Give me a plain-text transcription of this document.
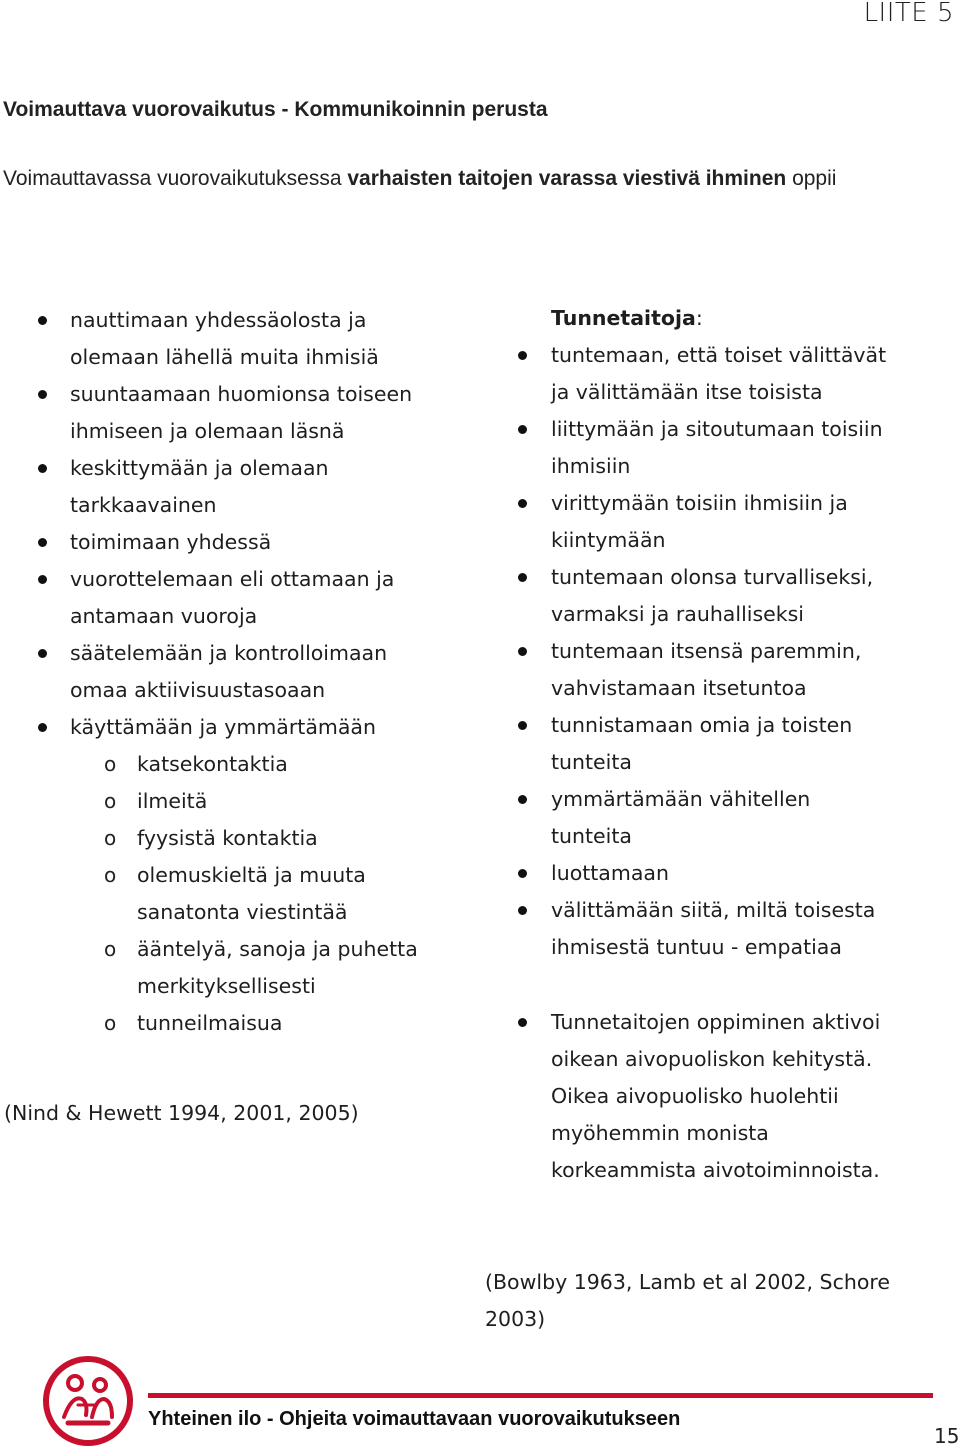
LIITE 5
Voimauttava vuorovaikutus - Kommunikoinnin perusta
Voimauttavassa vuorovaikutuksessa varhaisten taitojen varassa viestivä ihminen oppii
nauttimaan yhdessäolosta ja olemaan lähellä muita ihmisiä
suuntaamaan huomionsa toiseen ihmiseen ja olemaan läsnä
keskittymään ja olemaan tarkkaavainen
toimimaan yhdessä
vuorottelemaan eli ottamaan ja antamaan vuoroja
säätelemään ja kontrolloimaan omaa aktiivisuustasoaan
käyttämään ja ymmärtämään
o katsekontaktia
o ilmeitä
o fyysistä kontaktia
o olemuskieltä ja muuta sanatonta viestintää
o ääntelyä, sanoja ja puhetta merkityksellisesti
o tunneilmaisua
(Nind & Hewett 1994, 2001, 2005)
Tunnetaitoja:
tuntemaan, että toiset välittävät ja välittämään itse toisista
liittymään ja sitoutumaan toisiin ihmisiin
virittymään toisiin ihmisiin ja kiintymään
tuntemaan olonsa turvalliseksi, varmaksi ja rauhalliseksi
tuntemaan itsensä paremmin, vahvistamaan itsetuntoa
tunnistamaan omia ja toisten tunteita
ymmärtämään vähitellen tunteita
luottamaan
välittämään siitä, miltä toisesta ihmisestä tuntuu - empatiaa
Tunnetaitojen oppiminen aktivoi oikean aivopuoliskon kehitystä. Oikea aivopuolisko huolehtii myöhemmin monista korkeammista aivotoiminnoista.
(Bowlby 1963, Lamb et al 2002, Schore 2003)
Yhteinen ilo - Ohjeita voimauttavaan vuorovaikutukseen
15
